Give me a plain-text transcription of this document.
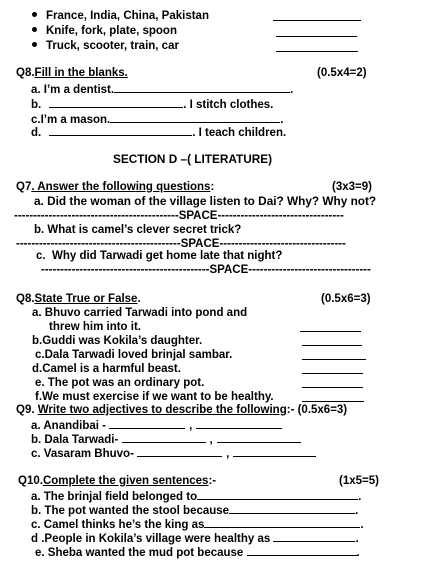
France, India, China, Pakistan
Knife, fork, plate, spoon
Truck, scooter, train, car
Q8.Fill in the blanks.	(0.5x4=2)
a. I’m a dentist.	.
b.	. I stitch clothes.
c.I’m a mason.	.
d.	. I teach children.
SECTION D –( LITERATURE)
Q7. Answer the following questions:	(3x3=9)
a. Did the woman of the village listen to Dai? Why? Why not?
-------------------------------------------SPACE---------------------------------
b. What is camel’s clever secret trick?
-------------------------------------------SPACE---------------------------------
c.  Why did Tarwadi get home late that night?
--------------------------------------------SPACE--------------------------------
Q8.State True or False.	(0.5x6=3)
a. Bhuvo carried Tarwadi into pond and
threw him into it.
b.Guddi was Kokila’s daughter.
c.Dala Tarwadi loved brinjal sambar.
d.Camel is a harmful beast.
e. The pot was an ordinary pot.
f.We must exercise if we want to be healthy.
Q9. Write two adjectives to describe the following:- (0.5x6=3)
a. Anandibai -	,
b. Dala Tarwadi-	,
c. Vasaram Bhuvo-	,
Q10.Complete the given sentences:-	(1x5=5)
a. The brinjal field belonged to	.
b. The pot wanted the stool because	.
c. Camel thinks he’s the king as	.
d .People in Kokila’s village were healthy as	.
e. Sheba wanted the mud pot because	.
